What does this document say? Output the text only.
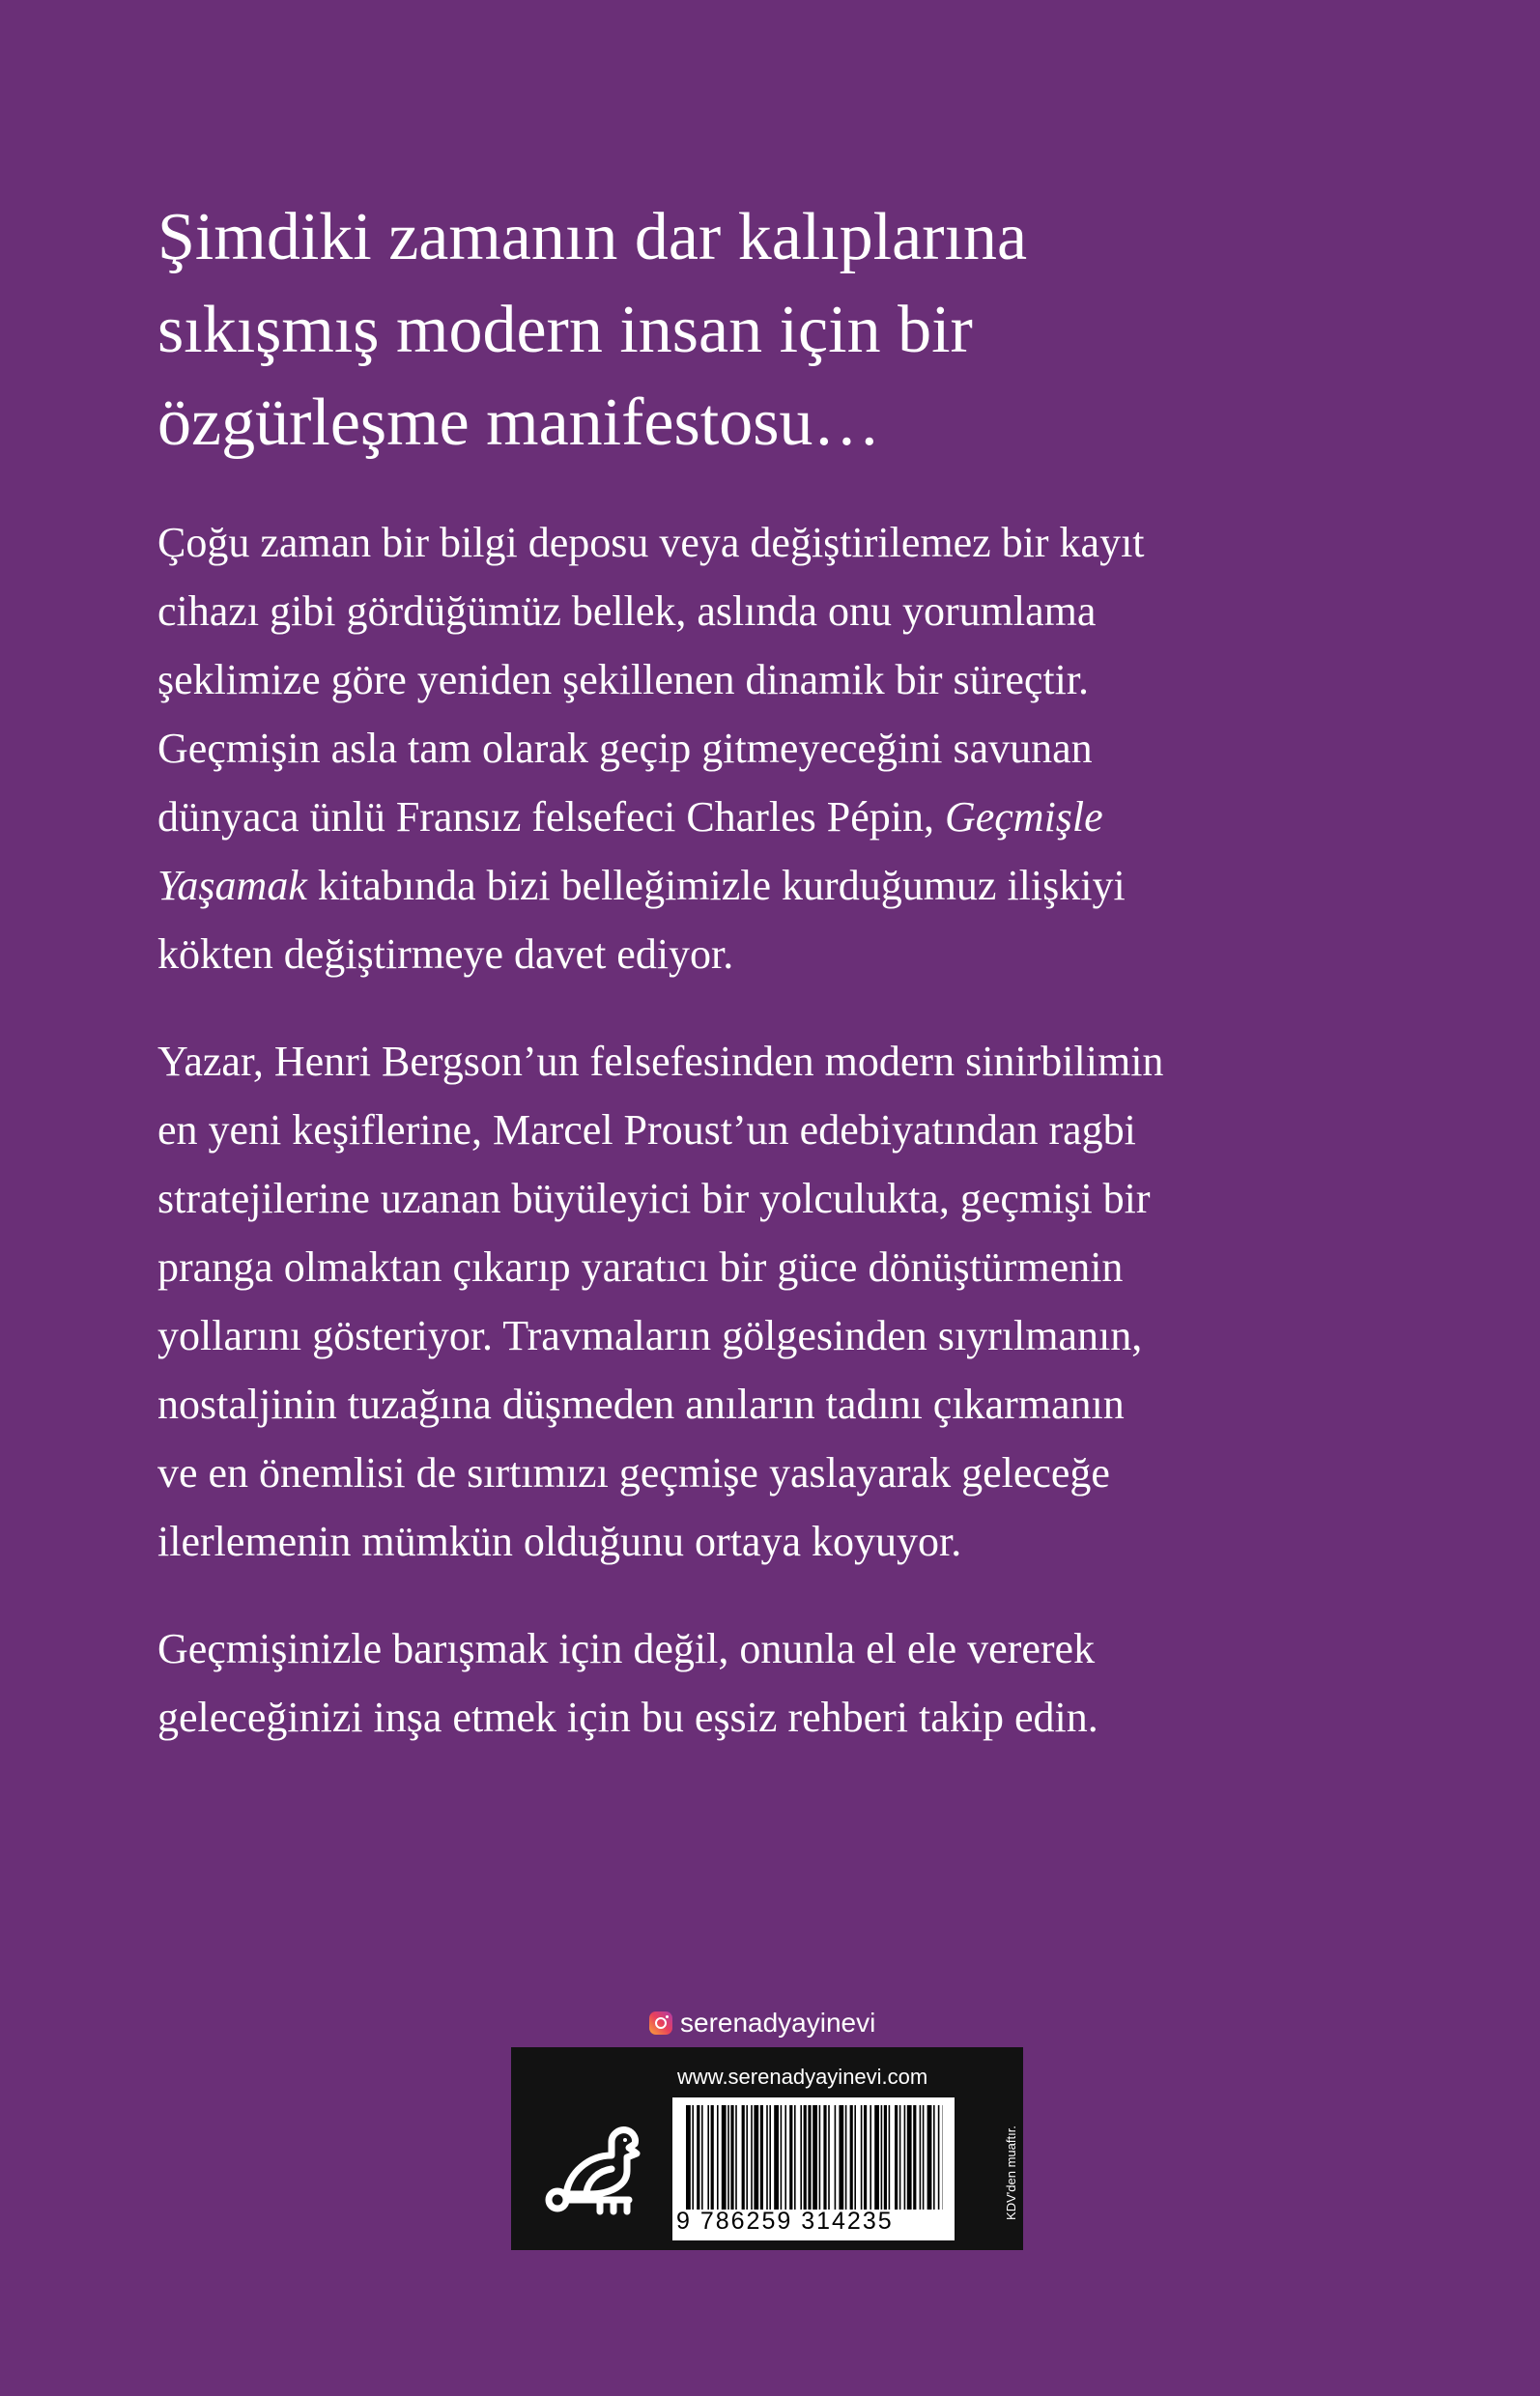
Şimdiki zamanın dar kalıplarına
sıkışmış modern insan için bir
özgürleşme manifestosu…

Çoğu zaman bir bilgi deposu veya değiştirilemez bir kayıt
cihazı gibi gördüğümüz bellek, aslında onu yorumlama
şeklimize göre yeniden şekillenen dinamik bir süreçtir.
Geçmişin asla tam olarak geçip gitmeyeceğini savunan
dünyaca ünlü Fransız felsefeci Charles Pépin, Geçmişle
Yaşamak kitabında bizi belleğimizle kurduğumuz ilişkiyi
kökten değiştirmeye davet ediyor.

Yazar, Henri Bergson’un felsefesinden modern sinirbilimin
en yeni keşiflerine, Marcel Proust’un edebiyatından ragbi
stratejilerine uzanan büyüleyici bir yolculukta, geçmişi bir
pranga olmaktan çıkarıp yaratıcı bir güce dönüştürmenin
yollarını gösteriyor. Travmaların gölgesinden sıyrılmanın,
nostaljinin tuzağına düşmeden anıların tadını çıkarmanın
ve en önemlisi de sırtımızı geçmişe yaslayarak geleceğe
ilerlemenin mümkün olduğunu ortaya koyuyor.

Geçmişinizle barışmak için değil, onunla el ele vererek
geleceğinizi inşa etmek için bu eşsiz rehberi takip edin.

serenadyayinevi
www.serenadyayinevi.com
9 786259 314235
KDV'den muaftır.
